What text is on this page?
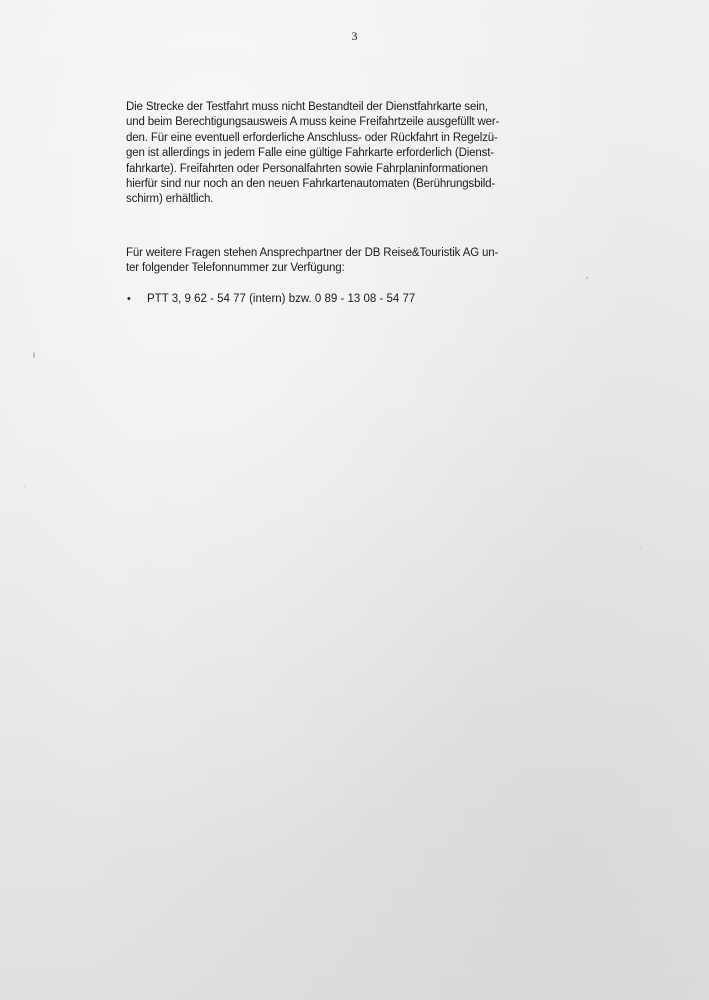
3

Die Strecke der Testfahrt muss nicht Bestandteil der Dienstfahrkarte sein,
und beim Berechtigungsausweis A muss keine Freifahrtzeile ausgefüllt wer-
den. Für eine eventuell erforderliche Anschluss- oder Rückfahrt in Regelzü-
gen ist allerdings in jedem Falle eine gültige Fahrkarte erforderlich (Dienst-
fahrkarte). Freifahrten oder Personalfahrten sowie Fahrplaninformationen
hierfür sind nur noch an den neuen Fahrkartenautomaten (Berührungsbild-
schirm) erhältlich.

Für weitere Fragen stehen Ansprechpartner der DB Reise&Touristik AG un-
ter folgender Telefonnummer zur Verfügung:

• PTT 3, 9 62 - 54 77 (intern) bzw. 0 89 - 13 08 - 54 77
